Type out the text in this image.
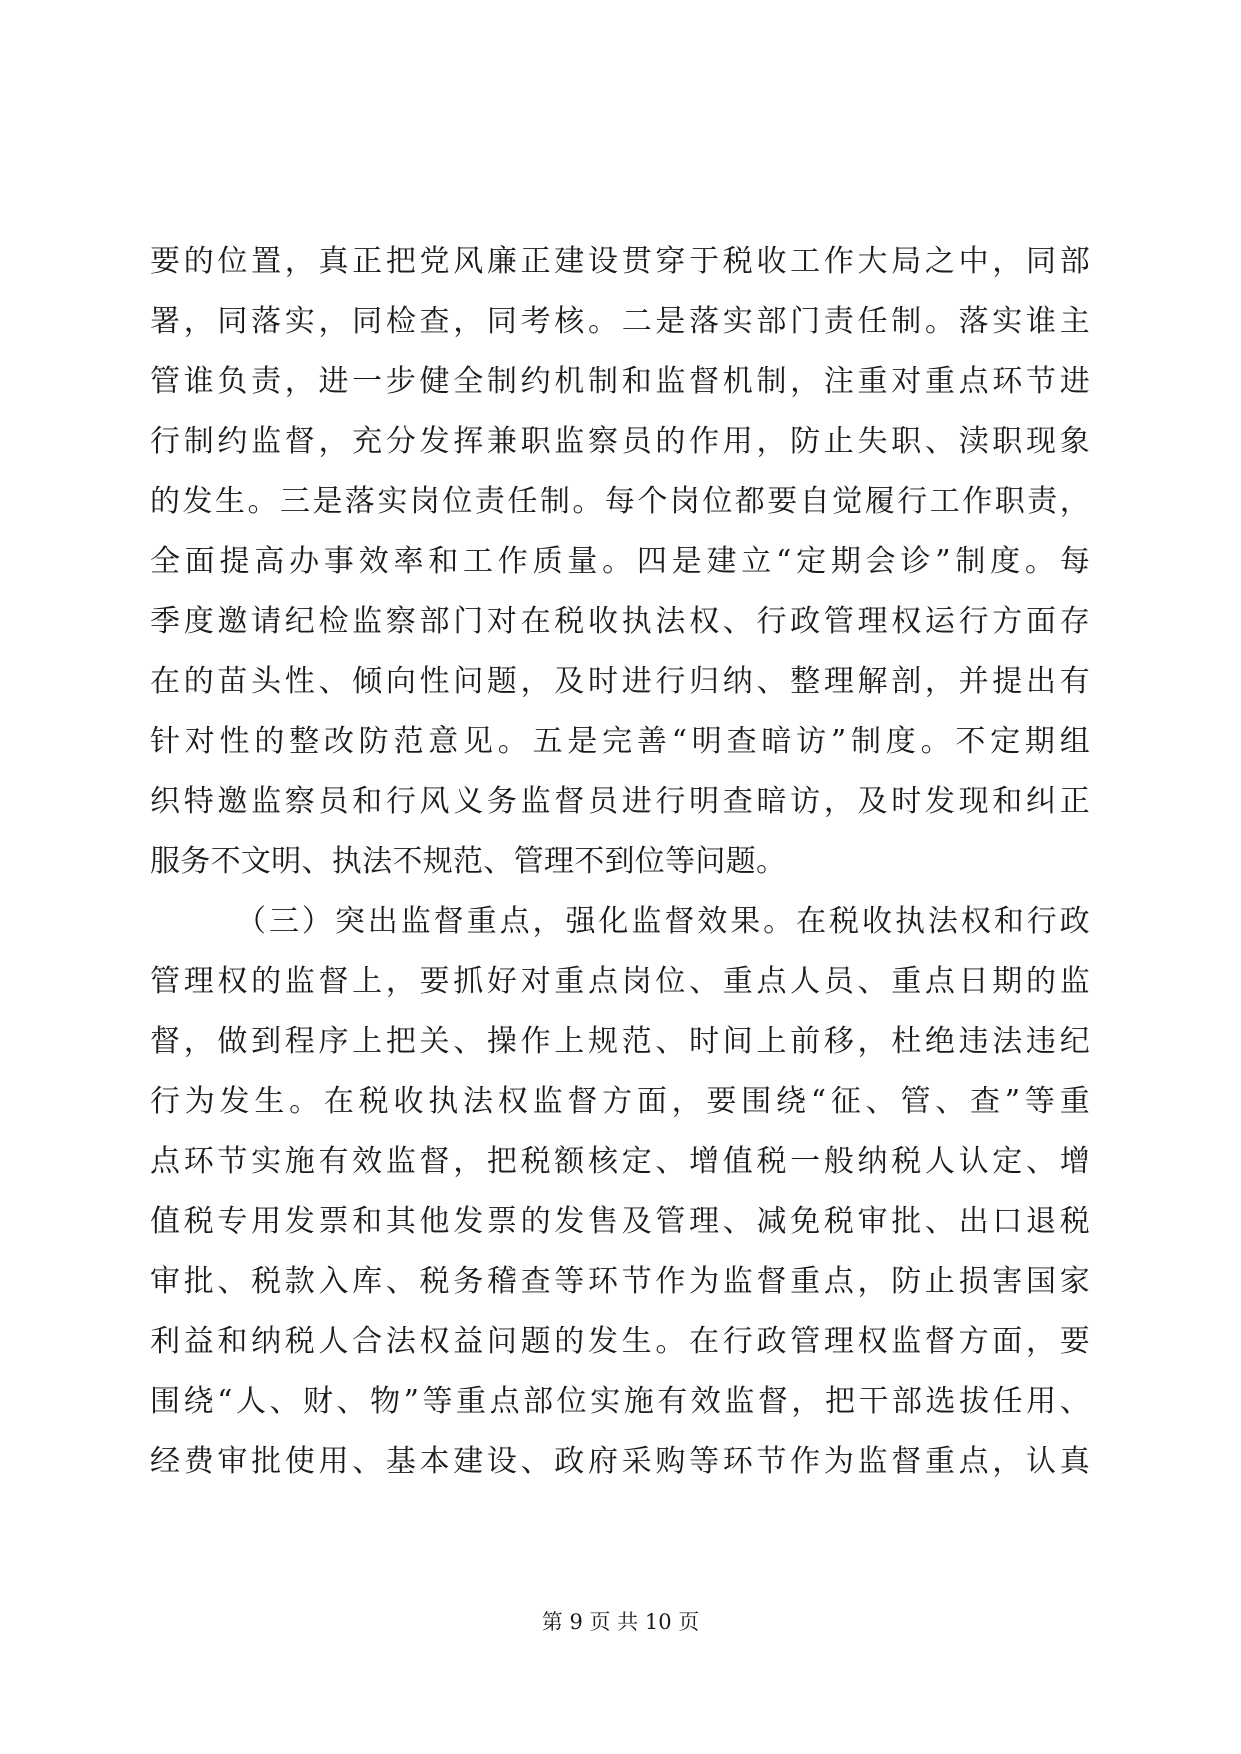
要的位置，真正把党风廉正建设贯穿于税收工作大局之中，同部
署，同落实，同检查，同考核。二是落实部门责任制。落实谁主
管谁负责，进一步健全制约机制和监督机制，注重对重点环节进
行制约监督，充分发挥兼职监察员的作用，防止失职、渎职现象
的发生。三是落实岗位责任制。每个岗位都要自觉履行工作职责，
全面提高办事效率和工作质量。四是建立“定期会诊”制度。每
季度邀请纪检监察部门对在税收执法权、行政管理权运行方面存
在的苗头性、倾向性问题，及时进行归纳、整理解剖，并提出有
针对性的整改防范意见。五是完善“明查暗访”制度。不定期组
织特邀监察员和行风义务监督员进行明查暗访，及时发现和纠正
服务不文明、执法不规范、管理不到位等问题。
（三）突出监督重点，强化监督效果。在税收执法权和行政
管理权的监督上，要抓好对重点岗位、重点人员、重点日期的监
督，做到程序上把关、操作上规范、时间上前移，杜绝违法违纪
行为发生。在税收执法权监督方面，要围绕“征、管、查”等重
点环节实施有效监督，把税额核定、增值税一般纳税人认定、增
值税专用发票和其他发票的发售及管理、减免税审批、出口退税
审批、税款入库、税务稽查等环节作为监督重点，防止损害国家
利益和纳税人合法权益问题的发生。在行政管理权监督方面，要
围绕“人、财、物”等重点部位实施有效监督，把干部选拔任用、
经费审批使用、基本建设、政府采购等环节作为监督重点，认真
第 9 页 共 10 页
